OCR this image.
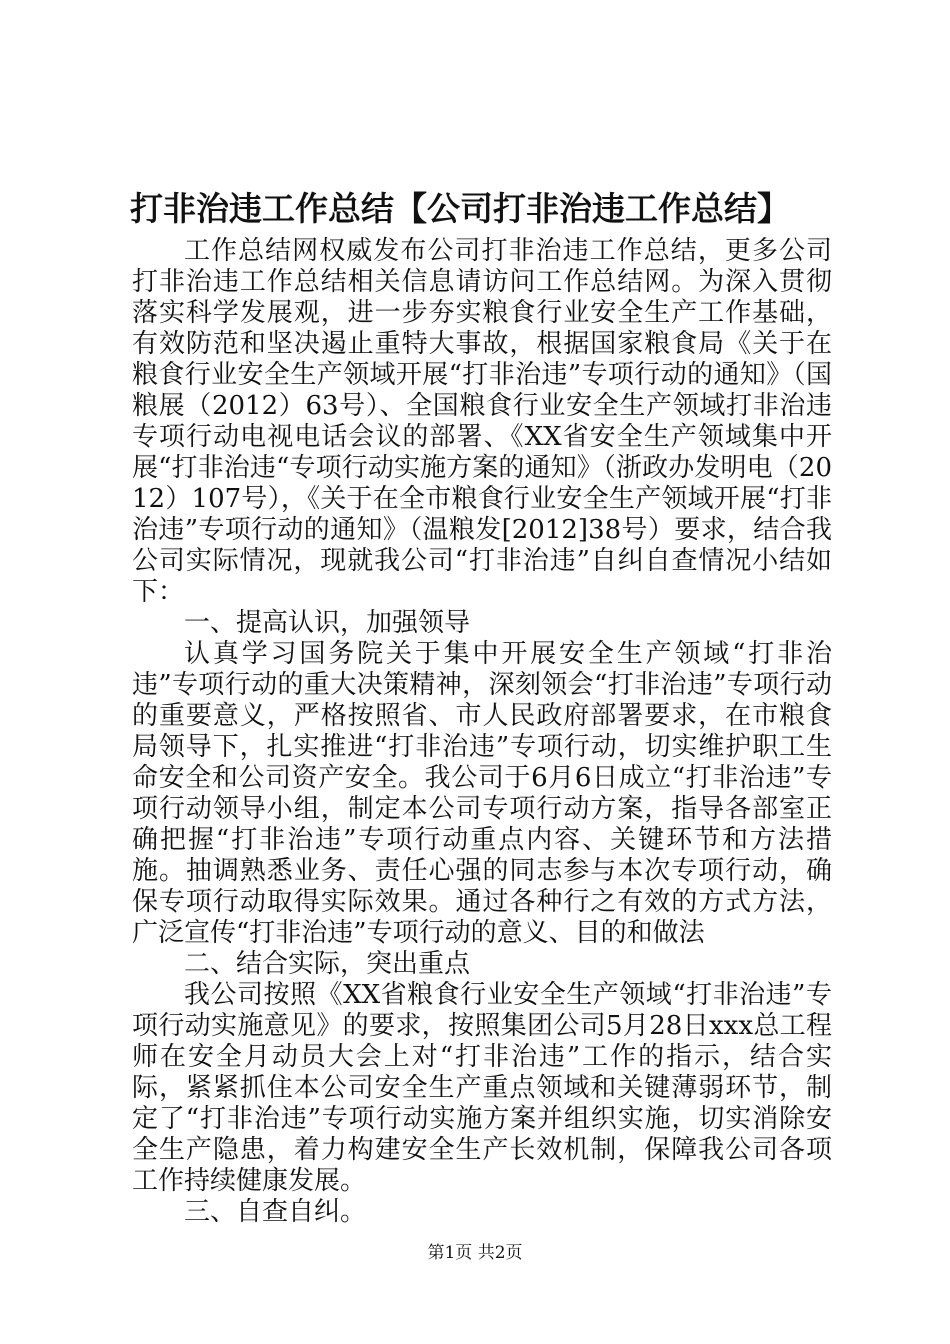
打非治违工作总结【公司打非治违工作总结】

工作总结网权威发布公司打非治违工作总结，更多公司打非治违工作总结相关信息请访问工作总结网。为深入贯彻落实科学发展观，进一步夯实粮食行业安全生产工作基础，有效防范和坚决遏止重特大事故，根据国家粮食局《关于在粮食行业安全生产领域开展“打非治违”专项行动的通知》（国粮展（2012）63号）、全国粮食行业安全生产领域打非治违专项行动电视电话会议的部署、《XX省安全生产领域集中开展“打非治违“专项行动实施方案的通知》（浙政办发明电（2012）107号），《关于在全市粮食行业安全生产领域开展“打非治违”专项行动的通知》（温粮发[2012]38号）要求，结合我公司实际情况，现就我公司“打非治违”自纠自查情况小结如下：

一、提高认识，加强领导

认真学习国务院关于集中开展安全生产领域“打非治违”专项行动的重大决策精神，深刻领会“打非治违”专项行动的重要意义，严格按照省、市人民政府部署要求，在市粮食局领导下，扎实推进“打非治违”专项行动，切实维护职工生命安全和公司资产安全。我公司于6月6日成立“打非治违”专项行动领导小组，制定本公司专项行动方案，指导各部室正确把握“打非治违”专项行动重点内容、关键环节和方法措施。抽调熟悉业务、责任心强的同志参与本次专项行动，确保专项行动取得实际效果。通过各种行之有效的方式方法，广泛宣传“打非治违”专项行动的意义、目的和做法

二、结合实际，突出重点

我公司按照《XX省粮食行业安全生产领域“打非治违”专项行动实施意见》的要求，按照集团公司5月28日xxx总工程师在安全月动员大会上对“打非治违”工作的指示，结合实际，紧紧抓住本公司安全生产重点领域和关键薄弱环节，制定了“打非治违”专项行动实施方案并组织实施，切实消除安全生产隐患，着力构建安全生产长效机制，保障我公司各项工作持续健康发展。

三、自查自纠。

第1页 共2页
